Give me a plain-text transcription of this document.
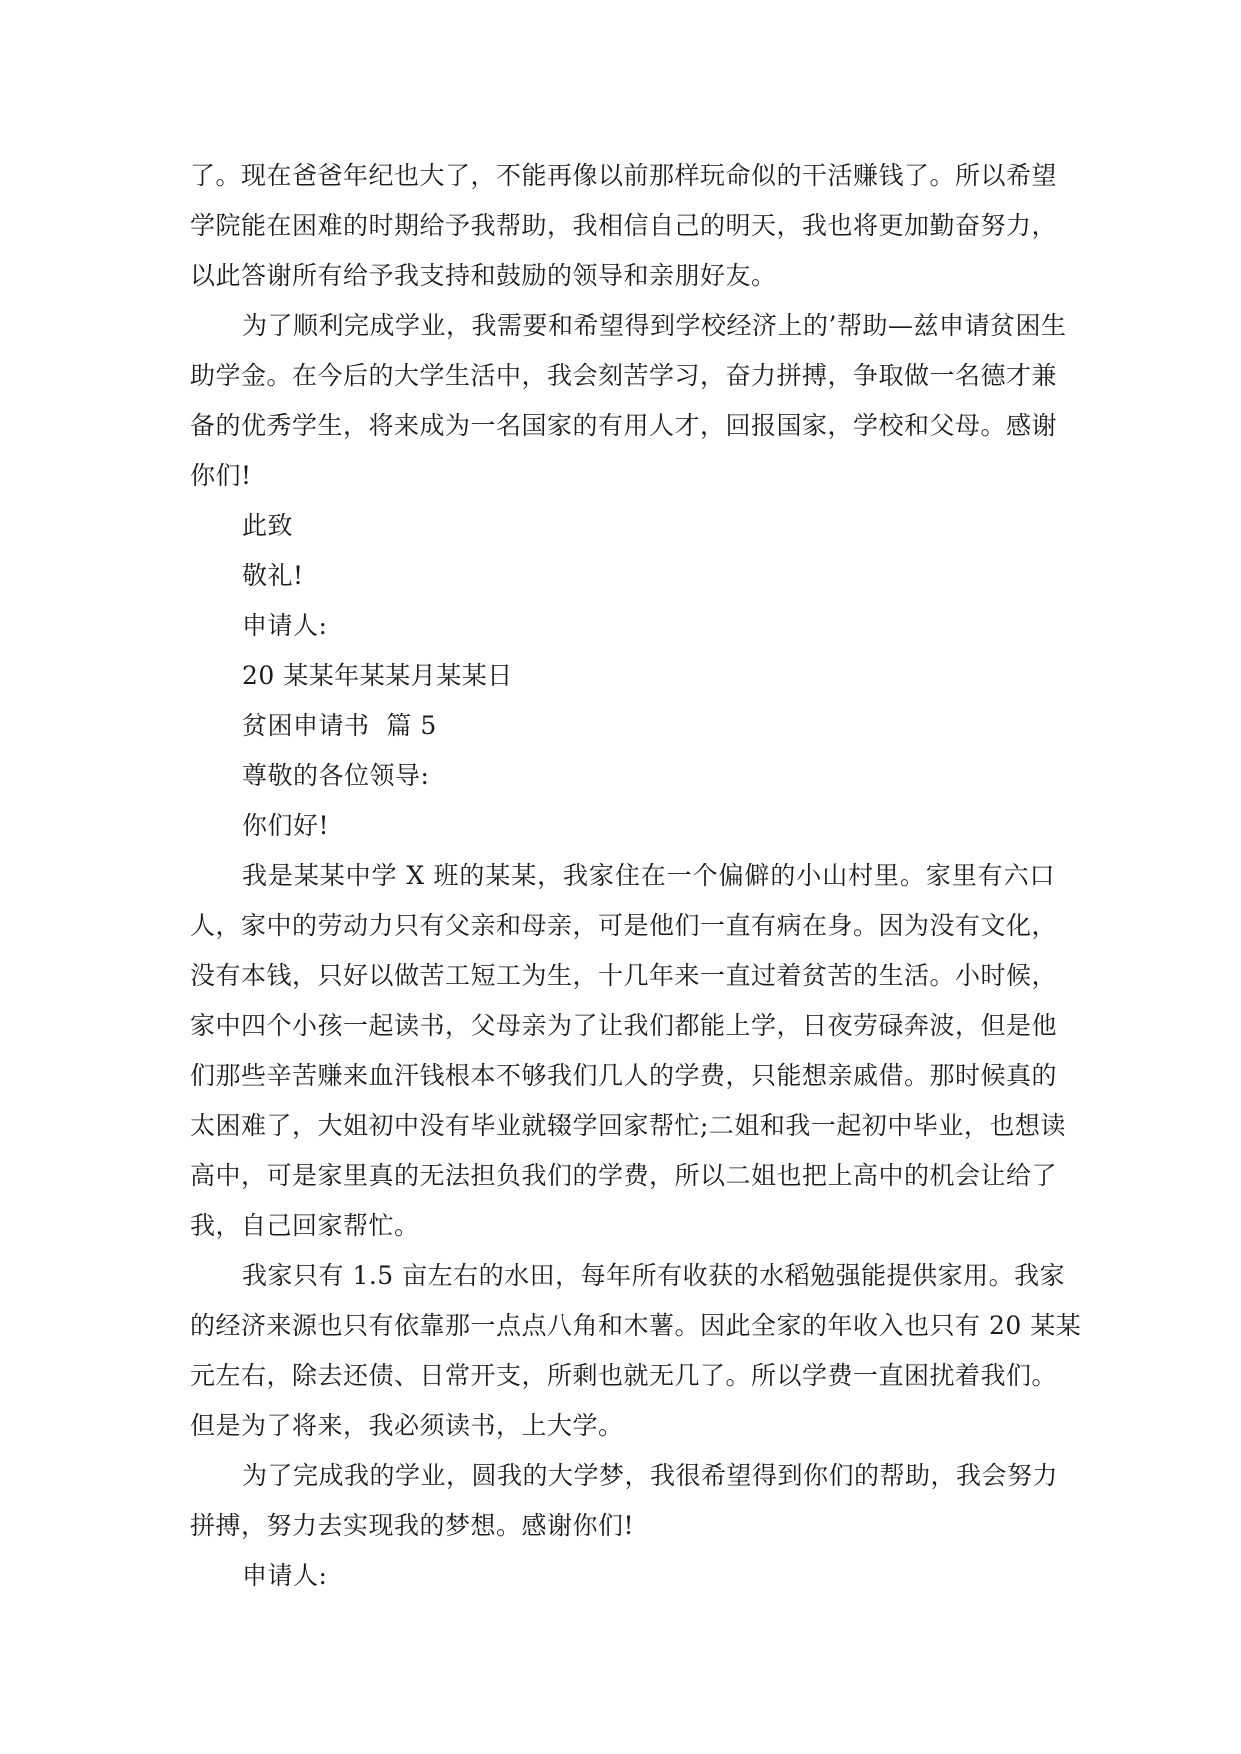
了。现在爸爸年纪也大了，不能再像以前那样玩命似的干活赚钱了。所以希望
学院能在困难的时期给予我帮助，我相信自己的明天，我也将更加勤奋努力，
以此答谢所有给予我支持和鼓励的领导和亲朋好友。
为了顺利完成学业，我需要和希望得到学校经济上的’帮助—兹申请贫困生
助学金。在今后的大学生活中，我会刻苦学习，奋力拼搏，争取做一名德才兼
备的优秀学生，将来成为一名国家的有用人才，回报国家，学校和父母。感谢
你们!

此致

敬礼!

申请人:

20 某某年某某月某某日

贫困申请书  篇 5

尊敬的各位领导:

你们好!

我是某某中学 X 班的某某，我家住在一个偏僻的小山村里。家里有六口
人，家中的劳动力只有父亲和母亲，可是他们一直有病在身。因为没有文化，
没有本钱，只好以做苦工短工为生，十几年来一直过着贫苦的生活。小时候，
家中四个小孩一起读书，父母亲为了让我们都能上学，日夜劳碌奔波，但是他
们那些辛苦赚来血汗钱根本不够我们几人的学费，只能想亲戚借。那时候真的
太困难了，大姐初中没有毕业就辍学回家帮忙;二姐和我一起初中毕业，也想读
高中，可是家里真的无法担负我们的学费，所以二姐也把上高中的机会让给了
我，自己回家帮忙。
我家只有 1.5 亩左右的水田，每年所有收获的水稻勉强能提供家用。我家
的经济来源也只有依靠那一点点八角和木薯。因此全家的年收入也只有 20 某某
元左右，除去还债、日常开支，所剩也就无几了。所以学费一直困扰着我们。
但是为了将来，我必须读书，上大学。
为了完成我的学业，圆我的大学梦，我很希望得到你们的帮助，我会努力
拼搏，努力去实现我的梦想。感谢你们!

申请人:
